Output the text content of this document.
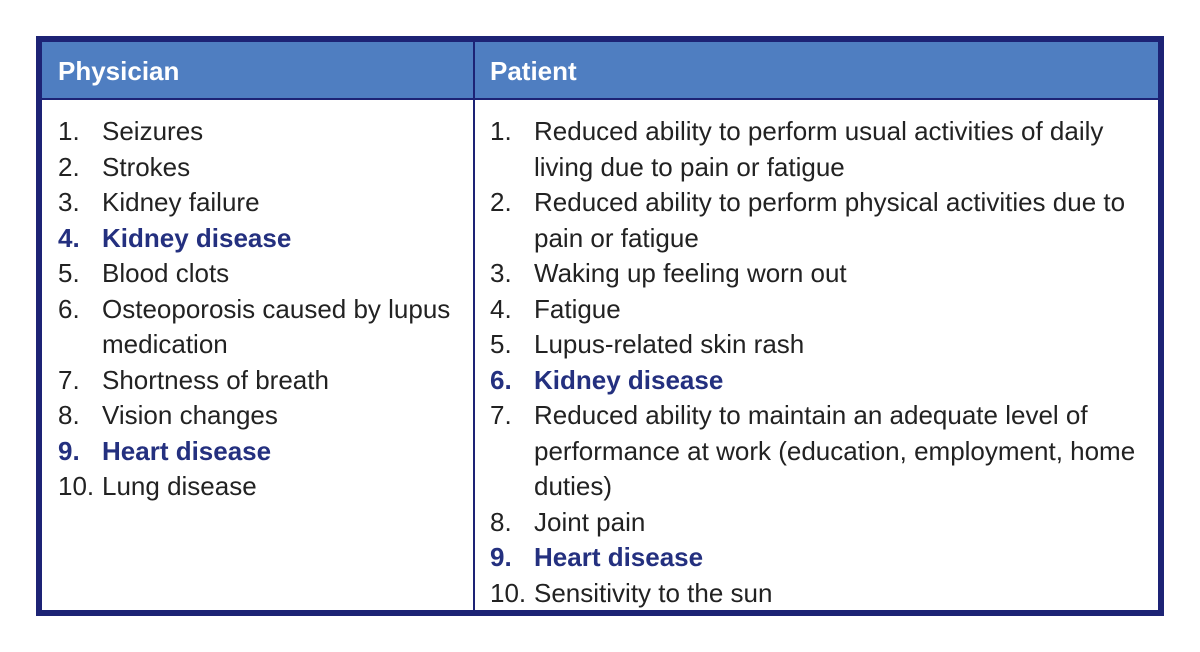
Physician	Patient
1. Seizures
2. Strokes
3. Kidney failure
4. Kidney disease
5. Blood clots
6. Osteoporosis caused by lupus medication
7. Shortness of breath
8. Vision changes
9. Heart disease
10. Lung disease
1. Reduced ability to perform usual activities of daily living due to pain or fatigue
2. Reduced ability to perform physical activities due to pain or fatigue
3. Waking up feeling worn out
4. Fatigue
5. Lupus-related skin rash
6. Kidney disease
7. Reduced ability to maintain an adequate level of performance at work (education, employment, home duties)
8. Joint pain
9. Heart disease
10. Sensitivity to the sun
